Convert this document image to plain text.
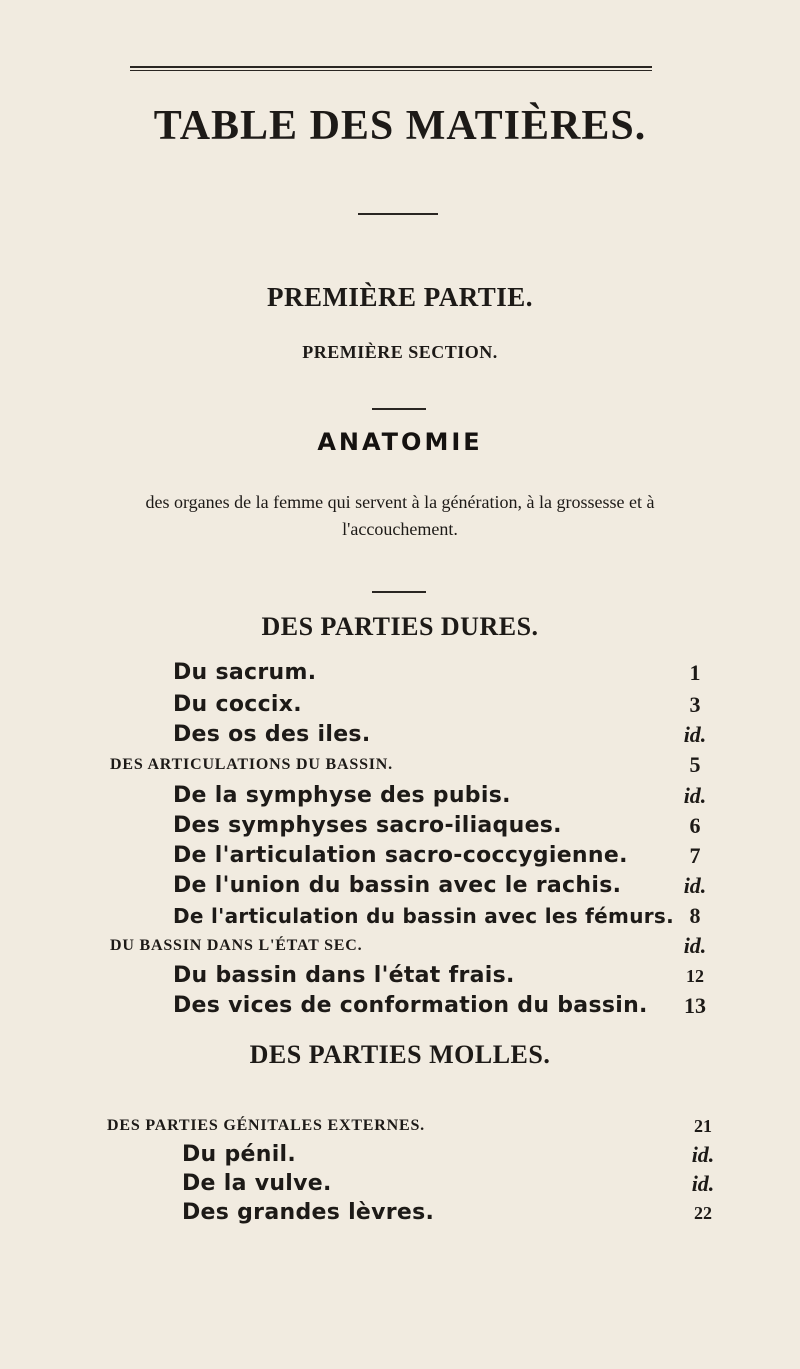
TABLE DES MATIÈRES.
PREMIÈRE PARTIE.
PREMIÈRE SECTION.
ANATOMIE
des organes de la femme qui servent à la génération, à la grossesse et à
l'accouchement.
DES PARTIES DURES.
Du sacrum.	1
Du coccix.	3
Des os des iles.	id.
DES ARTICULATIONS DU BASSIN.	5
De la symphyse des pubis.	id.
Des symphyses sacro-iliaques.	6
De l'articulation sacro-coccygienne.	7
De l'union du bassin avec le rachis.	id.
De l'articulation du bassin avec les fémurs. 8
DU BASSIN DANS L'ÉTAT SEC.	id.
Du bassin dans l'état frais.	12
Des vices de conformation du bassin.	13
DES PARTIES MOLLES.
DES PARTIES GÉNITALES EXTERNES.	21
Du pénil.	id.
De la vulve.	id.
Des grandes lèvres.	22
